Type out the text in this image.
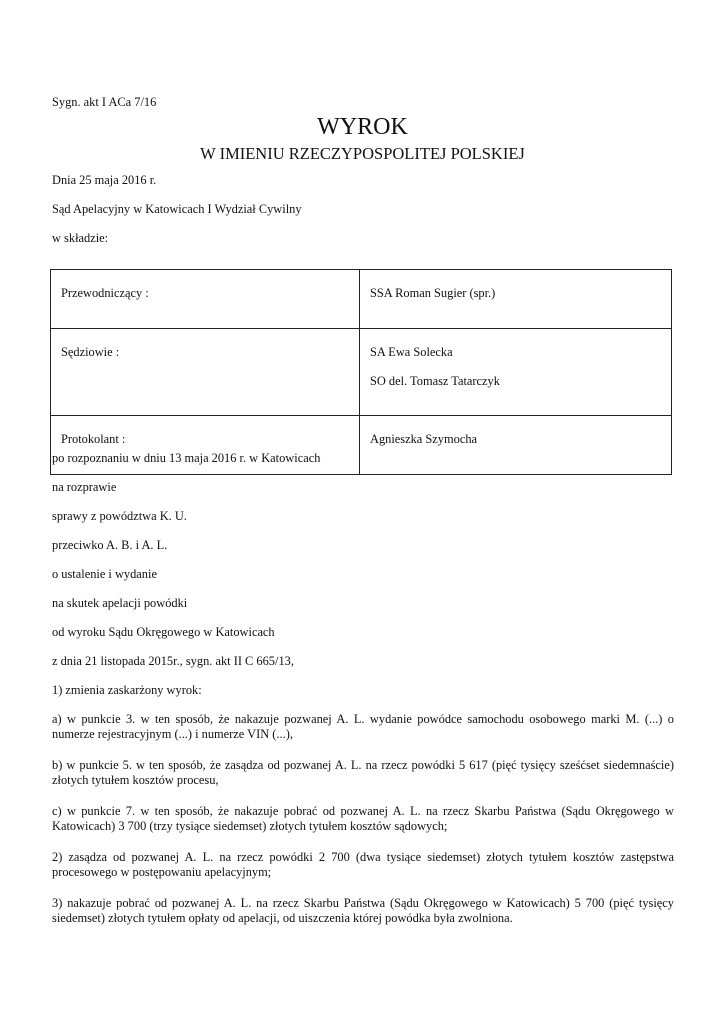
Sygn. akt I ACa 7/16
WYROK
W IMIENIU RZECZYPOSPOLITEJ POLSKIEJ
Dnia 25 maja 2016 r.
Sąd Apelacyjny w Katowicach I Wydział Cywilny
w składzie:
Przewodniczący :	SSA Roman Sugier (spr.)
Sędziowie :	SA Ewa Solecka
SO del. Tomasz Tatarczyk

Protokolant :	Agnieszka Szymocha
po rozpoznaniu w dniu 13 maja 2016 r. w Katowicach
na rozprawie
sprawy z powództwa K. U.
przeciwko A. B. i A. L.
o ustalenie i wydanie
na skutek apelacji powódki
od wyroku Sądu Okręgowego w Katowicach
z dnia 21 listopada 2015r., sygn. akt II C 665/13,
1) zmienia zaskarżony wyrok:
a) w punkcie 3. w ten sposób, że nakazuje pozwanej A. L. wydanie powódce samochodu osobowego marki M. (...) o numerze rejestracyjnym (...) i numerze VIN (...),
b) w punkcie 5. w ten sposób, że zasądza od pozwanej A. L. na rzecz powódki 5 617 (pięć tysięcy sześćset siedemnaście) złotych tytułem kosztów procesu,
c) w punkcie 7. w ten sposób, że nakazuje pobrać od pozwanej A. L. na rzecz Skarbu Państwa (Sądu Okręgowego w Katowicach) 3 700 (trzy tysiące siedemset) złotych tytułem kosztów sądowych;
2) zasądza od pozwanej A. L. na rzecz powódki 2 700 (dwa tysiące siedemset) złotych tytułem kosztów zastępstwa procesowego w postępowaniu apelacyjnym;
3) nakazuje pobrać od pozwanej A. L. na rzecz Skarbu Państwa (Sądu Okręgowego w Katowicach) 5 700 (pięć tysięcy siedemset) złotych tytułem opłaty od apelacji, od uiszczenia której powódka była zwolniona.
